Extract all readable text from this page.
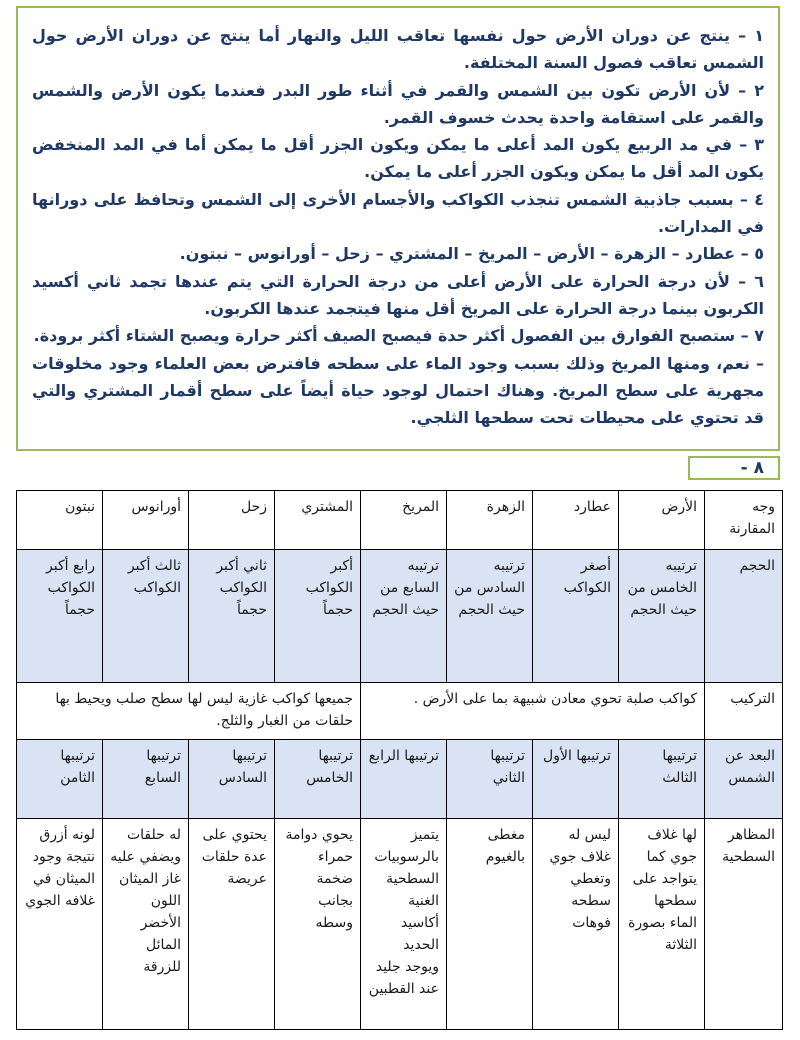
١ – ينتج عن دوران الأرض حول نفسها تعاقب الليل والنهار أما ينتج عن دوران الأرض حول الشمس تعاقب فصول السنة المختلفة.

٢ – لأن الأرض تكون بين الشمس والقمر في أثناء طور البدر فعندما يكون الأرض والشمس والقمر على استقامة واحدة يحدث خسوف القمر.

٣ – في مد الربيع يكون المد أعلى ما يمكن ويكون الجزر أقل ما يمكن أما في المد المنخفض يكون المد أقل ما يمكن ويكون الجزر أعلى ما يمكن.

٤ – بسبب جاذبية الشمس تنجذب الكواكب والأجسام الأخرى إلى الشمس وتحافظ على دورانها في المدارات.

٥ – عطارد – الزهرة – الأرض – المريخ – المشتري – زحل – أورانوس – نبتون.

٦ – لأن درجة الحرارة على الأرض أعلى من درجة الحرارة التي يتم عندها تجمد ثاني أكسيد الكربون بينما درجة الحرارة على المريخ أقل منها فيتجمد عندها الكربون.

٧ – ستصبح الفوارق بين الفصول أكثر حدة فيصبح الصيف أكثر حرارة ويصبح الشتاء أكثر برودة.

– نعم، ومنها المريخ وذلك بسبب وجود الماء على سطحه فافترض بعض العلماء وجود مخلوقات مجهرية على سطح المريخ. وهناك احتمال لوجود حياة أيضاً على سطح أقمار المشتري والتي قد تحتوي على محيطات تحت سطحها الثلجي.

٨ -
وجه المقارنة	الأرض	عطارد	الزهرة	المريخ	المشتري	زحل	أورانوس	نبتون
الحجم	ترتيبه الخامس من حيث الحجم	أصغر الكواكب	ترتيبه السادس من حيث الحجم	ترتيبه السابع من حيث الحجم	أكبر الكواكب حجماً	ثاني أكبر الكواكب حجماً	ثالث أكبر الكواكب	رابع أكبر الكواكب حجماً
التركيب	كواكب صلبة تحوي معادن شبيهة بما على الأرض .				جميعها كواكب غازية ليس لها سطح صلب ويحيط بها حلقات من الغبار والثلج.			
البعد عن الشمس	ترتيبها الثالث	ترتيبها الأول	ترتيبها الثاني	ترتيبها الرابع	ترتيبها الخامس	ترتيبها السادس	ترتيبها السابع	ترتيبها الثامن
المظاهر السطحية	لها غلاف جوي كما يتواجد على سطحها الماء بصورة الثلاثة	ليس له غلاف جوي وتغطي سطحه فوهات	مغطى بالغيوم	يتميز بالرسوبيات السطحية الغنية أكاسيد الحديد ويوجد جليد عند القطبين	يحوي دوامة حمراء ضخمة بجانب وسطه	يحتوي على عدة حلقات عريضة	له حلقات ويضفي عليه غاز الميثان اللون الأخضر المائل للزرقة	لونه أزرق نتيجة وجود الميثان في غلافه الجوي
